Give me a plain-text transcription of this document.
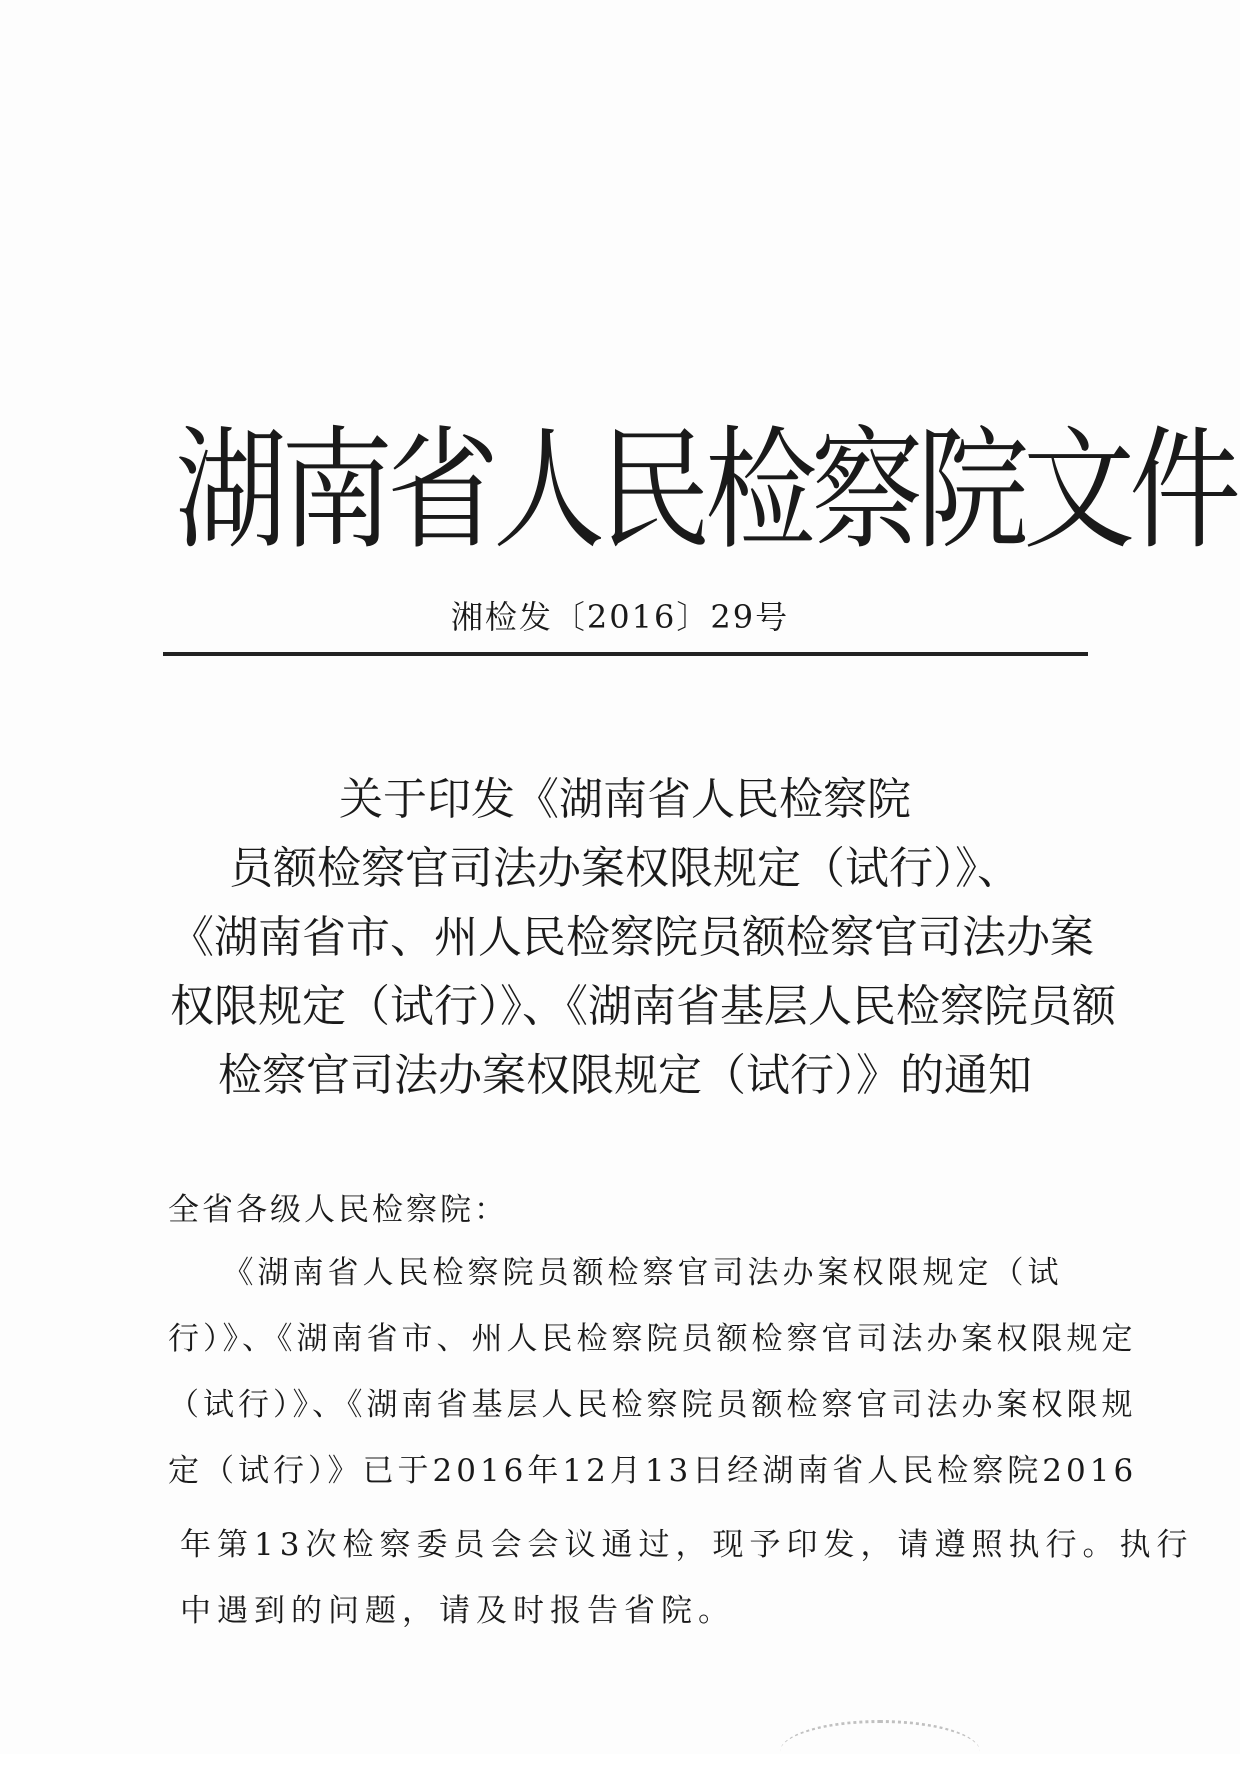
湖南省人民检察院文件
湘检发〔2016〕29号
关于印发《湖南省人民检察院
员额检察官司法办案权限规定（试行）》、
《湖南省市、州人民检察院员额检察官司法办案
权限规定（试行）》、《湖南省基层人民检察院员额
检察官司法办案权限规定（试行）》的通知
全省各级人民检察院：
　　《湖南省人民检察院员额检察官司法办案权限规定（试
行）》、《湖南省市、州人民检察院员额检察官司法办案权限规定
（试行）》、《湖南省基层人民检察院员额检察官司法办案权限规
定（试行）》已于2016年12月13日经湖南省人民检察院2016
年第13次检察委员会会议通过，现予印发，请遵照执行。执行
中遇到的问题，请及时报告省院。
